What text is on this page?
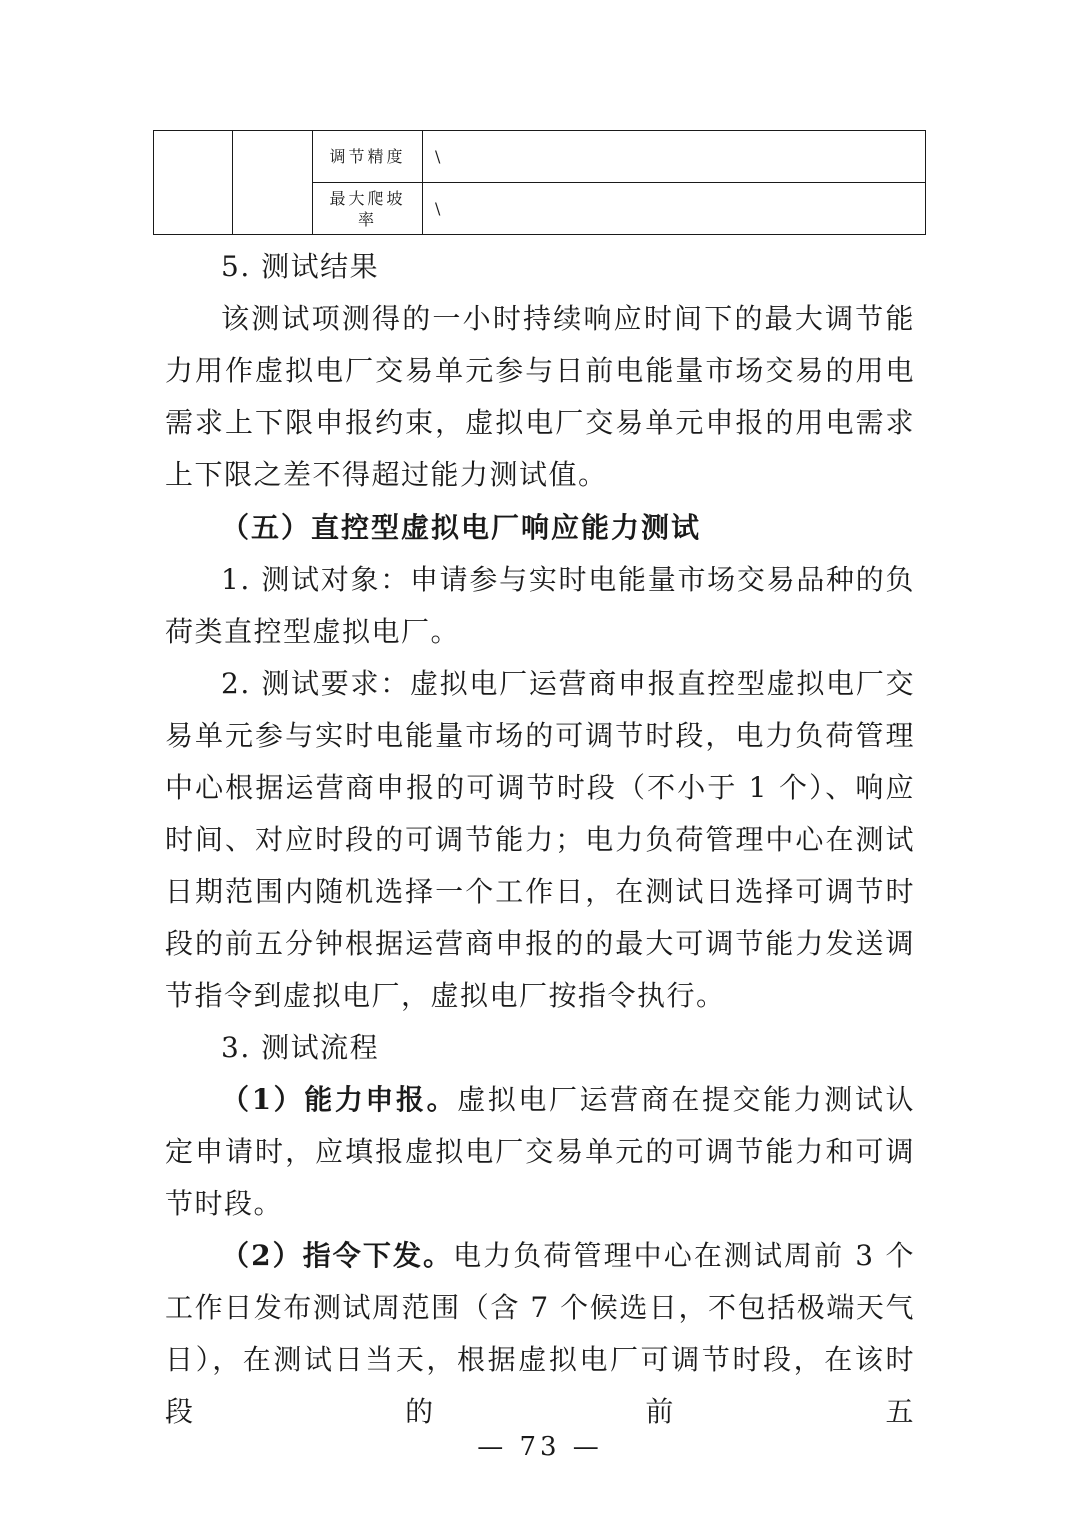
		调节精度	\
		最大爬坡率	\

5. 测试结果

该测试项测得的一小时持续响应时间下的最大调节能力用作虚拟电厂交易单元参与日前电能量市场交易的用电需求上下限申报约束，虚拟电厂交易单元申报的用电需求上下限之差不得超过能力测试值。

（五）直控型虚拟电厂响应能力测试

1. 测试对象：申请参与实时电能量市场交易品种的负荷类直控型虚拟电厂。

2. 测试要求：虚拟电厂运营商申报直控型虚拟电厂交易单元参与实时电能量市场的可调节时段，电力负荷管理中心根据运营商申报的可调节时段（不小于 1 个）、响应时间、对应时段的可调节能力；电力负荷管理中心在测试日期范围内随机选择一个工作日，在测试日选择可调节时段的前五分钟根据运营商申报的的最大可调节能力发送调节指令到虚拟电厂，虚拟电厂按指令执行。

3. 测试流程

（1）能力申报。虚拟电厂运营商在提交能力测试认定申请时，应填报虚拟电厂交易单元的可调节能力和可调节时段。

（2）指令下发。电力负荷管理中心在测试周前 3 个工作日发布测试周范围（含 7 个候选日，不包括极端天气日），在测试日当天，根据虚拟电厂可调节时段，在该时段的前五

— 73 —
